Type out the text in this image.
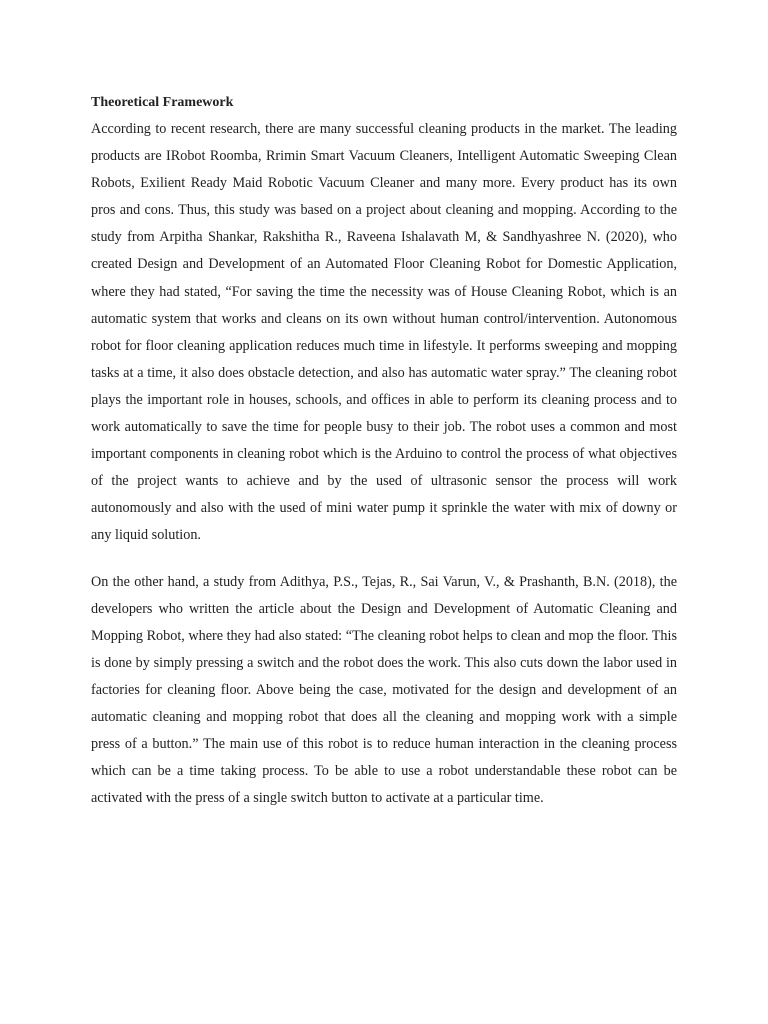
Theoretical Framework

According to recent research, there are many successful cleaning products in the market. The leading products are IRobot Roomba, Rrimin Smart Vacuum Cleaners, Intelligent Automatic Sweeping Clean Robots, Exilient Ready Maid Robotic Vacuum Cleaner and many more. Every product has its own pros and cons. Thus, this study was based on a project about cleaning and mopping. According to the study from Arpitha Shankar, Rakshitha R., Raveena Ishalavath M, & Sandhyashree N. (2020), who created Design and Development of an Automated Floor Cleaning Robot for Domestic Application, where they had stated, “For saving the time the necessity was of House Cleaning Robot, which is an automatic system that works and cleans on its own without human control/intervention. Autonomous robot for floor cleaning application reduces much time in lifestyle. It performs sweeping and mopping tasks at a time, it also does obstacle detection, and also has automatic water spray.” The cleaning robot plays the important role in houses, schools, and offices in able to perform its cleaning process and to work automatically to save the time for people busy to their job. The robot uses a common and most important components in cleaning robot which is the Arduino to control the process of what objectives of the project wants to achieve and by the used of ultrasonic sensor the process will work autonomously and also with the used of mini water pump it sprinkle the water with mix of downy or any liquid solution.

On the other hand, a study from Adithya, P.S., Tejas, R., Sai Varun, V., & Prashanth, B.N. (2018), the developers who written the article about the Design and Development of Automatic Cleaning and Mopping Robot, where they had also stated: “The cleaning robot helps to clean and mop the floor. This is done by simply pressing a switch and the robot does the work. This also cuts down the labor used in factories for cleaning floor. Above being the case, motivated for the design and development of an automatic cleaning and mopping robot that does all the cleaning and mopping work with a simple press of a button.” The main use of this robot is to reduce human interaction in the cleaning process which can be a time taking process. To be able to use a robot understandable these robot can be activated with the press of a single switch button to activate at a particular time.
